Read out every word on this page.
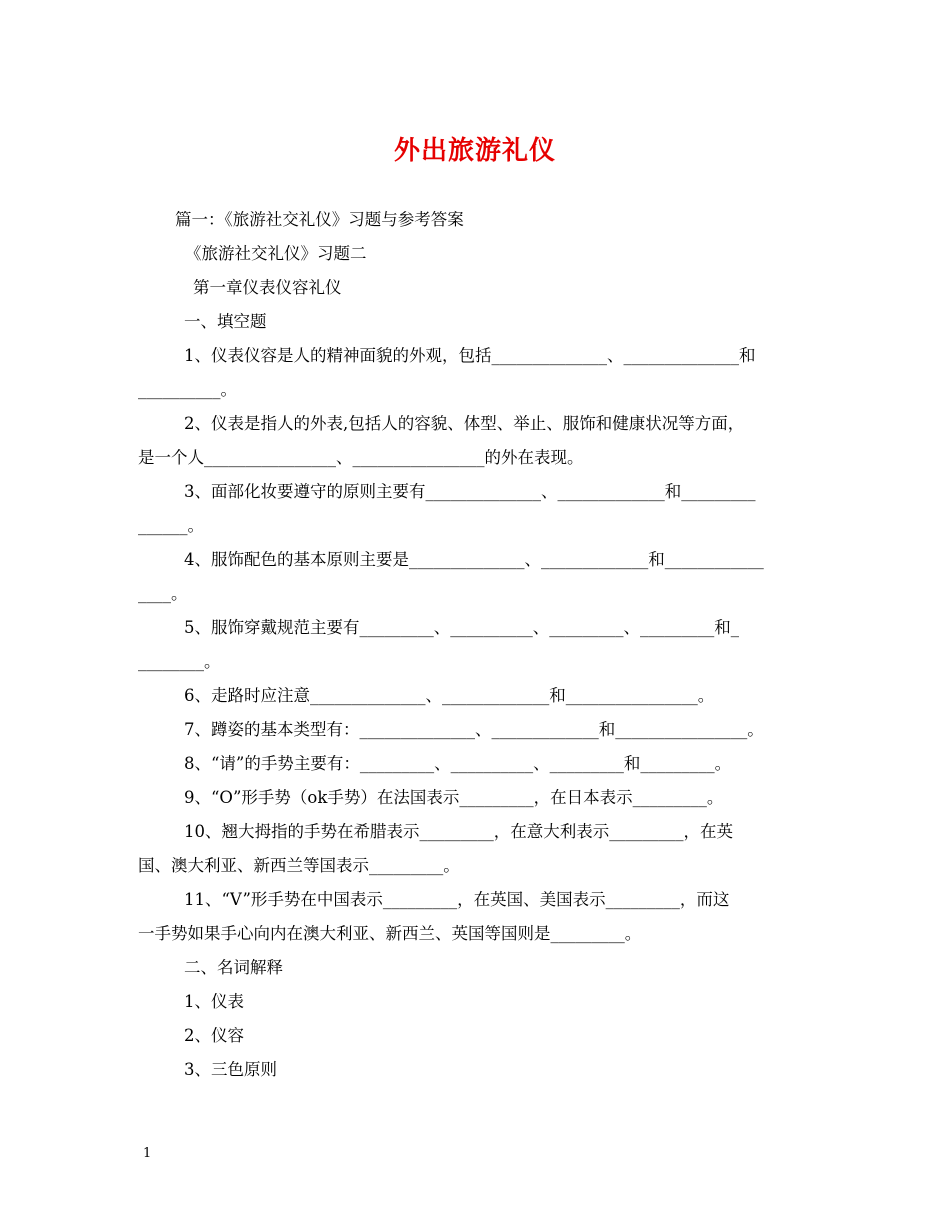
外出旅游礼仪
篇一：《旅游社交礼仪》习题与参考答案
《旅游社交礼仪》习题二
第一章仪表仪容礼仪
一、填空题
1、仪表仪容是人的精神面貌的外观，包括______________、______________和
__________。
2、仪表是指人的外表,包括人的容貌、体型、举止、服饰和健康状况等方面，
是一个人________________、________________的外在表现。
3、面部化妆要遵守的原则主要有______________、_____________和_________
______。
4、服饰配色的基本原则主要是______________、_____________和____________
____。
5、服饰穿戴规范主要有_________、__________、_________、_________和_
________。
6、走路时应注意______________、_____________和________________。
7、蹲姿的基本类型有：______________、_____________和________________。
8、“请”的手势主要有：_________、__________、_________和_________。
9、“O”形手势（ok手势）在法国表示_________，在日本表示_________。
10、翘大拇指的手势在希腊表示_________，在意大利表示_________，在英
国、澳大利亚、新西兰等国表示_________。
11、“V”形手势在中国表示_________，在英国、美国表示_________，而这
一手势如果手心向内在澳大利亚、新西兰、英国等国则是_________。
二、名词解释
1、仪表
2、仪容
3、三色原则
1
